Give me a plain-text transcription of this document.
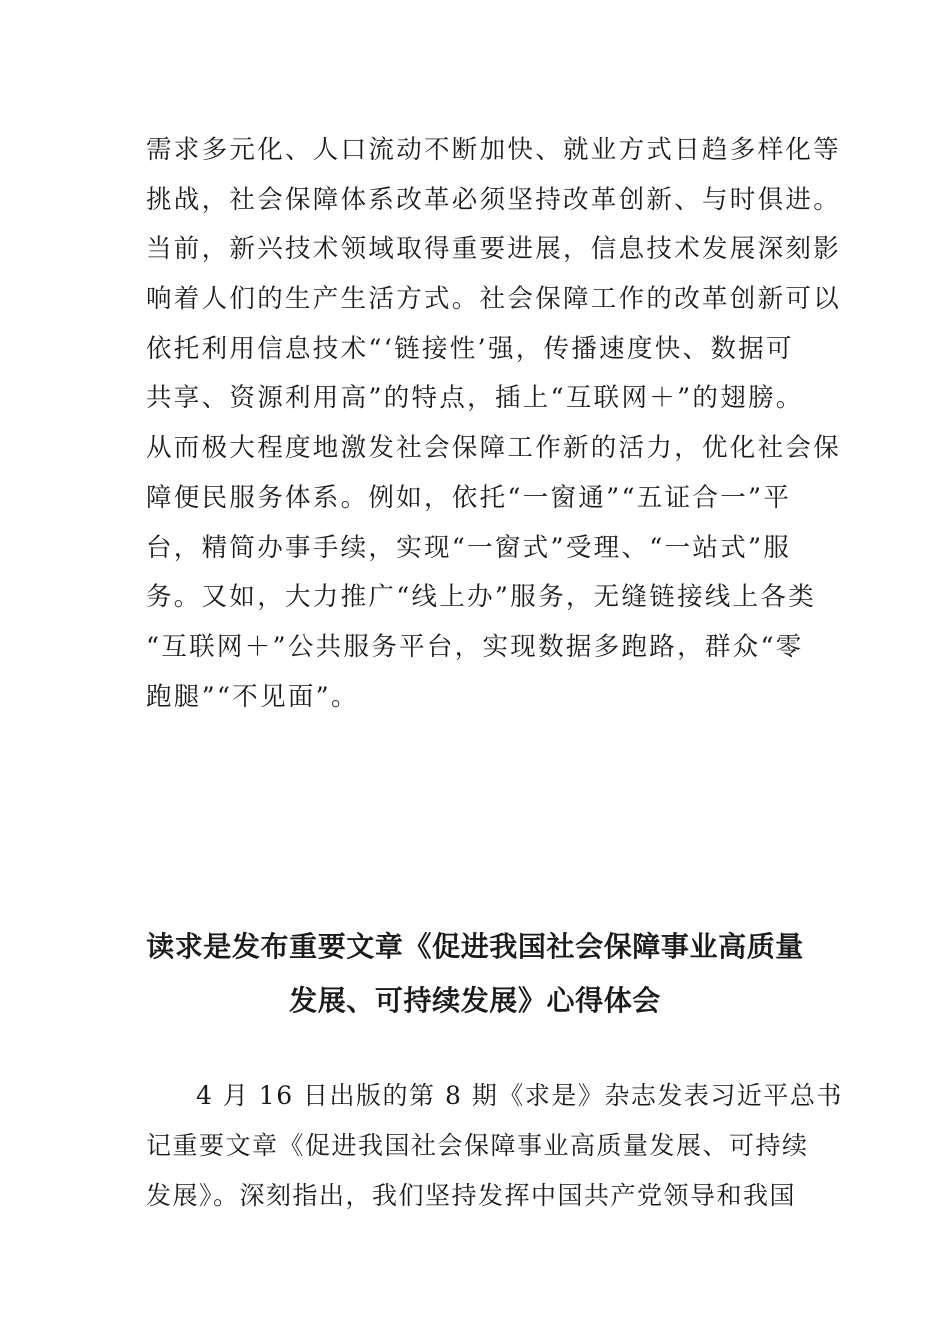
需求多元化、人口流动不断加快、就业方式日趋多样化等
挑战，社会保障体系改革必须坚持改革创新、与时俱进。
当前，新兴技术领域取得重要进展，信息技术发展深刻影
响着人们的生产生活方式。社会保障工作的改革创新可以
依托利用信息技术“‘链接性’强，传播速度快、数据可
共享、资源利用高”的特点，插上“互联网＋”的翅膀。
从而极大程度地激发社会保障工作新的活力，优化社会保
障便民服务体系。例如，依托“一窗通”“五证合一”平
台，精简办事手续，实现“一窗式”受理、“一站式”服
务。又如，大力推广“线上办”服务，无缝链接线上各类
“互联网＋”公共服务平台，实现数据多跑路，群众“零
跑腿”“不见面”。
读求是发布重要文章《促进我国社会保障事业高质量
发展、可持续发展》心得体会
4 月 16 日出版的第 8 期《求是》杂志发表习近平总书
记重要文章《促进我国社会保障事业高质量发展、可持续
发展》。深刻指出，我们坚持发挥中国共产党领导和我国
